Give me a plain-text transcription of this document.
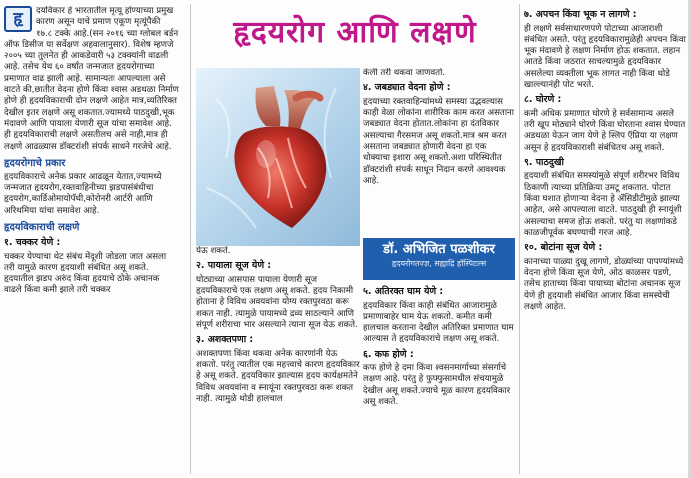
हृदयरोग आणि लक्षणे

हृ	दयविकार हे भारतातील मृत्यू होण्याच्या प्रमुख कारण असून याचे प्रमाण एकूण मृत्यूंपैकी १७.८ टक्के आहे.(सन २०१६ च्या ग्लोबल बर्डन ऑफ डिसीज या सर्वेक्षण अहवालानुसार). विशेष म्हणजे २००५ च्या तुलनेत ही आकडेवारी ५३ टक्क्यांनी वाढली आहे. तसेच येथ ६० वर्षांत जन्मजात हृदयरोगाच्या प्रमाणात वाढ झाली आहे. सामान्यतः आपल्याला असे वाटते की,छातीत वेदना होणे किंवा श्वास अडथळा निर्माण होणे ही हृदयविकाराची दोन लक्षणे आहेत मात्र,व्यतिरिक्त देखील इतर लक्षणे असू शकतात.ज्यामध्ये पाठदुखी,भूक मंदावणे आणि पायाला येणारी सूज यांचा समावेश आहे. ही हृदयविकाराची लक्षणे असतीलच असे नाही,मात्र ही लक्षणे आढळ्यास डॉक्टरांशी संपर्क साधने गरजेचे आहे.

हृदयरोगाचे प्रकार

हृदयविकाराचे अनेक प्रकार आढळून येतात,ज्यामध्ये जन्मजात हृदयरोग,रक्तवाहिनीच्या झडपासंबंधीचा हृदयरोग,कार्डिओमायोपॅथी,कोरोनरी आर्टरी आणि अरिथमिया यांचा समावेश आहे.

हृदयविकाराची लक्षणे
१. चक्कर येणे :

चक्कर येण्याचा थेट संबंध मेंदूशी जोडला जात असला तरी यामुळे कारण हृदयाशी संबंधित असू शकते. हृदयातील झडप अरुंद किंवा हृदयाचे ठोके अचानक वाढले किंवा कमी झाले तरी चक्कर

येऊ शकते.

२. पायाला सूज येणे :

घोट्याच्या आसपास पायाला येणारी सूज हृदयविकाराचे एक लक्षण असू शकते. हृदय निकामी होताना हे विविध अवयवांना योग्य रक्तपुरवठा करू शकत नाही. त्यामुळे पायामध्ये द्रव्य साठल्याने आणि संपूर्ण शरीराचा भार असल्याने त्याना सूज येऊ शकते.

३. अशक्तपणा :

अशक्तपणा किंवा थकवा अनेक कारणांनी येऊ शकतो. परंतु त्यातील एक महत्त्वाचे कारण हृदयविकार हे असू शकते. हृदयविकार झाल्यास हृदय कार्यक्षमतेने विविध अवयवांना व स्नायूंना रक्तपुरवठा करू शकत नाही. त्यामुळे थोडी हालचाल

केली तरी थकवा जाणवतो.

४. जबड्यात वेदना होणे :

हृदयाच्या रक्तवाहिन्यांमध्ये समस्या उद्भवल्यास काही वेळा लोकांना शारीरिक काम करत असताना जबड्यात वेदना होतात.लोकांना हा दंतविकार असल्याचा गैरसमज असू शकतो.मात्र श्रम करत असताना जबड्यात होणारी वेदना हा एक धोक्याचा इशारा असू शकतो.अशा परिस्थितीत डॉक्टरांशी संपर्क साधून निदान करणे आवश्यक आहे.

डॉ. अभिजित पळशीकर
हृदयरोगतज्ज्ञ, सह्याद्रि हॉस्पिटल्स
५. अतिरक्त घाम येणे :

हृदयविकार किंवा काही संबंधित आजारामुळे प्रमाणाबाहेर घाम येऊ शकतो. कमीत कमी हालचाल करताना देखील अतिरिक्त प्रमाणात घाम आल्यास ते हृदयविकाराचे लक्षण असू शकते.

६. कफ होणे :

कफ होणे हे दमा किंवा श्वसनमार्गाच्या संसर्गाचे लक्षण आहे. परंतु हे फुफ्फुसामधील संचयामुळे देखील असू शकते.ज्याचे मूळ कारण हृदयविकार असू शकते.

७. अपचन किंवा भूक न लागणे :

ही लक्षणे सर्वसाधारणपणे पोटाच्या आजाराशी संबंधित असते. परंतु हृदयविकारामुळेही अपचन किंवा भूक मंदावणे हे लक्षण निर्माण होऊ शकतात. लहान आतडे किंवा जठरात साचल्यामुळे हृदयविकार असलेल्या व्यक्तीला भूक लागत नाही किंवा थोडे खाल्ल्यानंही पोट भरते.

८. घोरणे :

कमी अधिक प्रमाणात घोरणे हे सर्वसामान्य असले तरी खूप मोठ्याने घोरणे किंवा घोरताना श्वास घेण्यात अडथळा येऊन जाग येणे हे स्लिप ऍप्निया या लक्षण असून हे हृदयविकाराशी संबंधितच असू शकते.

९. पाठदुखी

हृदयाशी संबंधित समस्यांमुळे संपूर्ण शरीरभर विविध ठिकाणी त्याच्या प्रतिक्रिया उमटू शकतात. पोटात किंवा घशात होणाऱ्या वेदना हे ॲसिडीटीमुळे झाल्या आहेत, असे आपल्याला वाटते. पाठदुखी ही स्नायूंशी असल्याचा समज होऊ शकतो. परंतु या लक्षणांकडे काळजीपूर्वक बघण्याची गरज आहे.

१०. बोटांना सूज येणे :

कानाच्या पाळ्या दुखू लागणे, डोळ्यांच्या पापण्यांमध्ये वेदना होणे किंवा सूज येणे, ओठ काळसर पडणे, तसेच हाताच्या किंवा पायाच्या बोटांना अचानक सूज येणे ही हृदयाशी संबंधित आजार किंवा समस्येची लक्षणे आहेत.
